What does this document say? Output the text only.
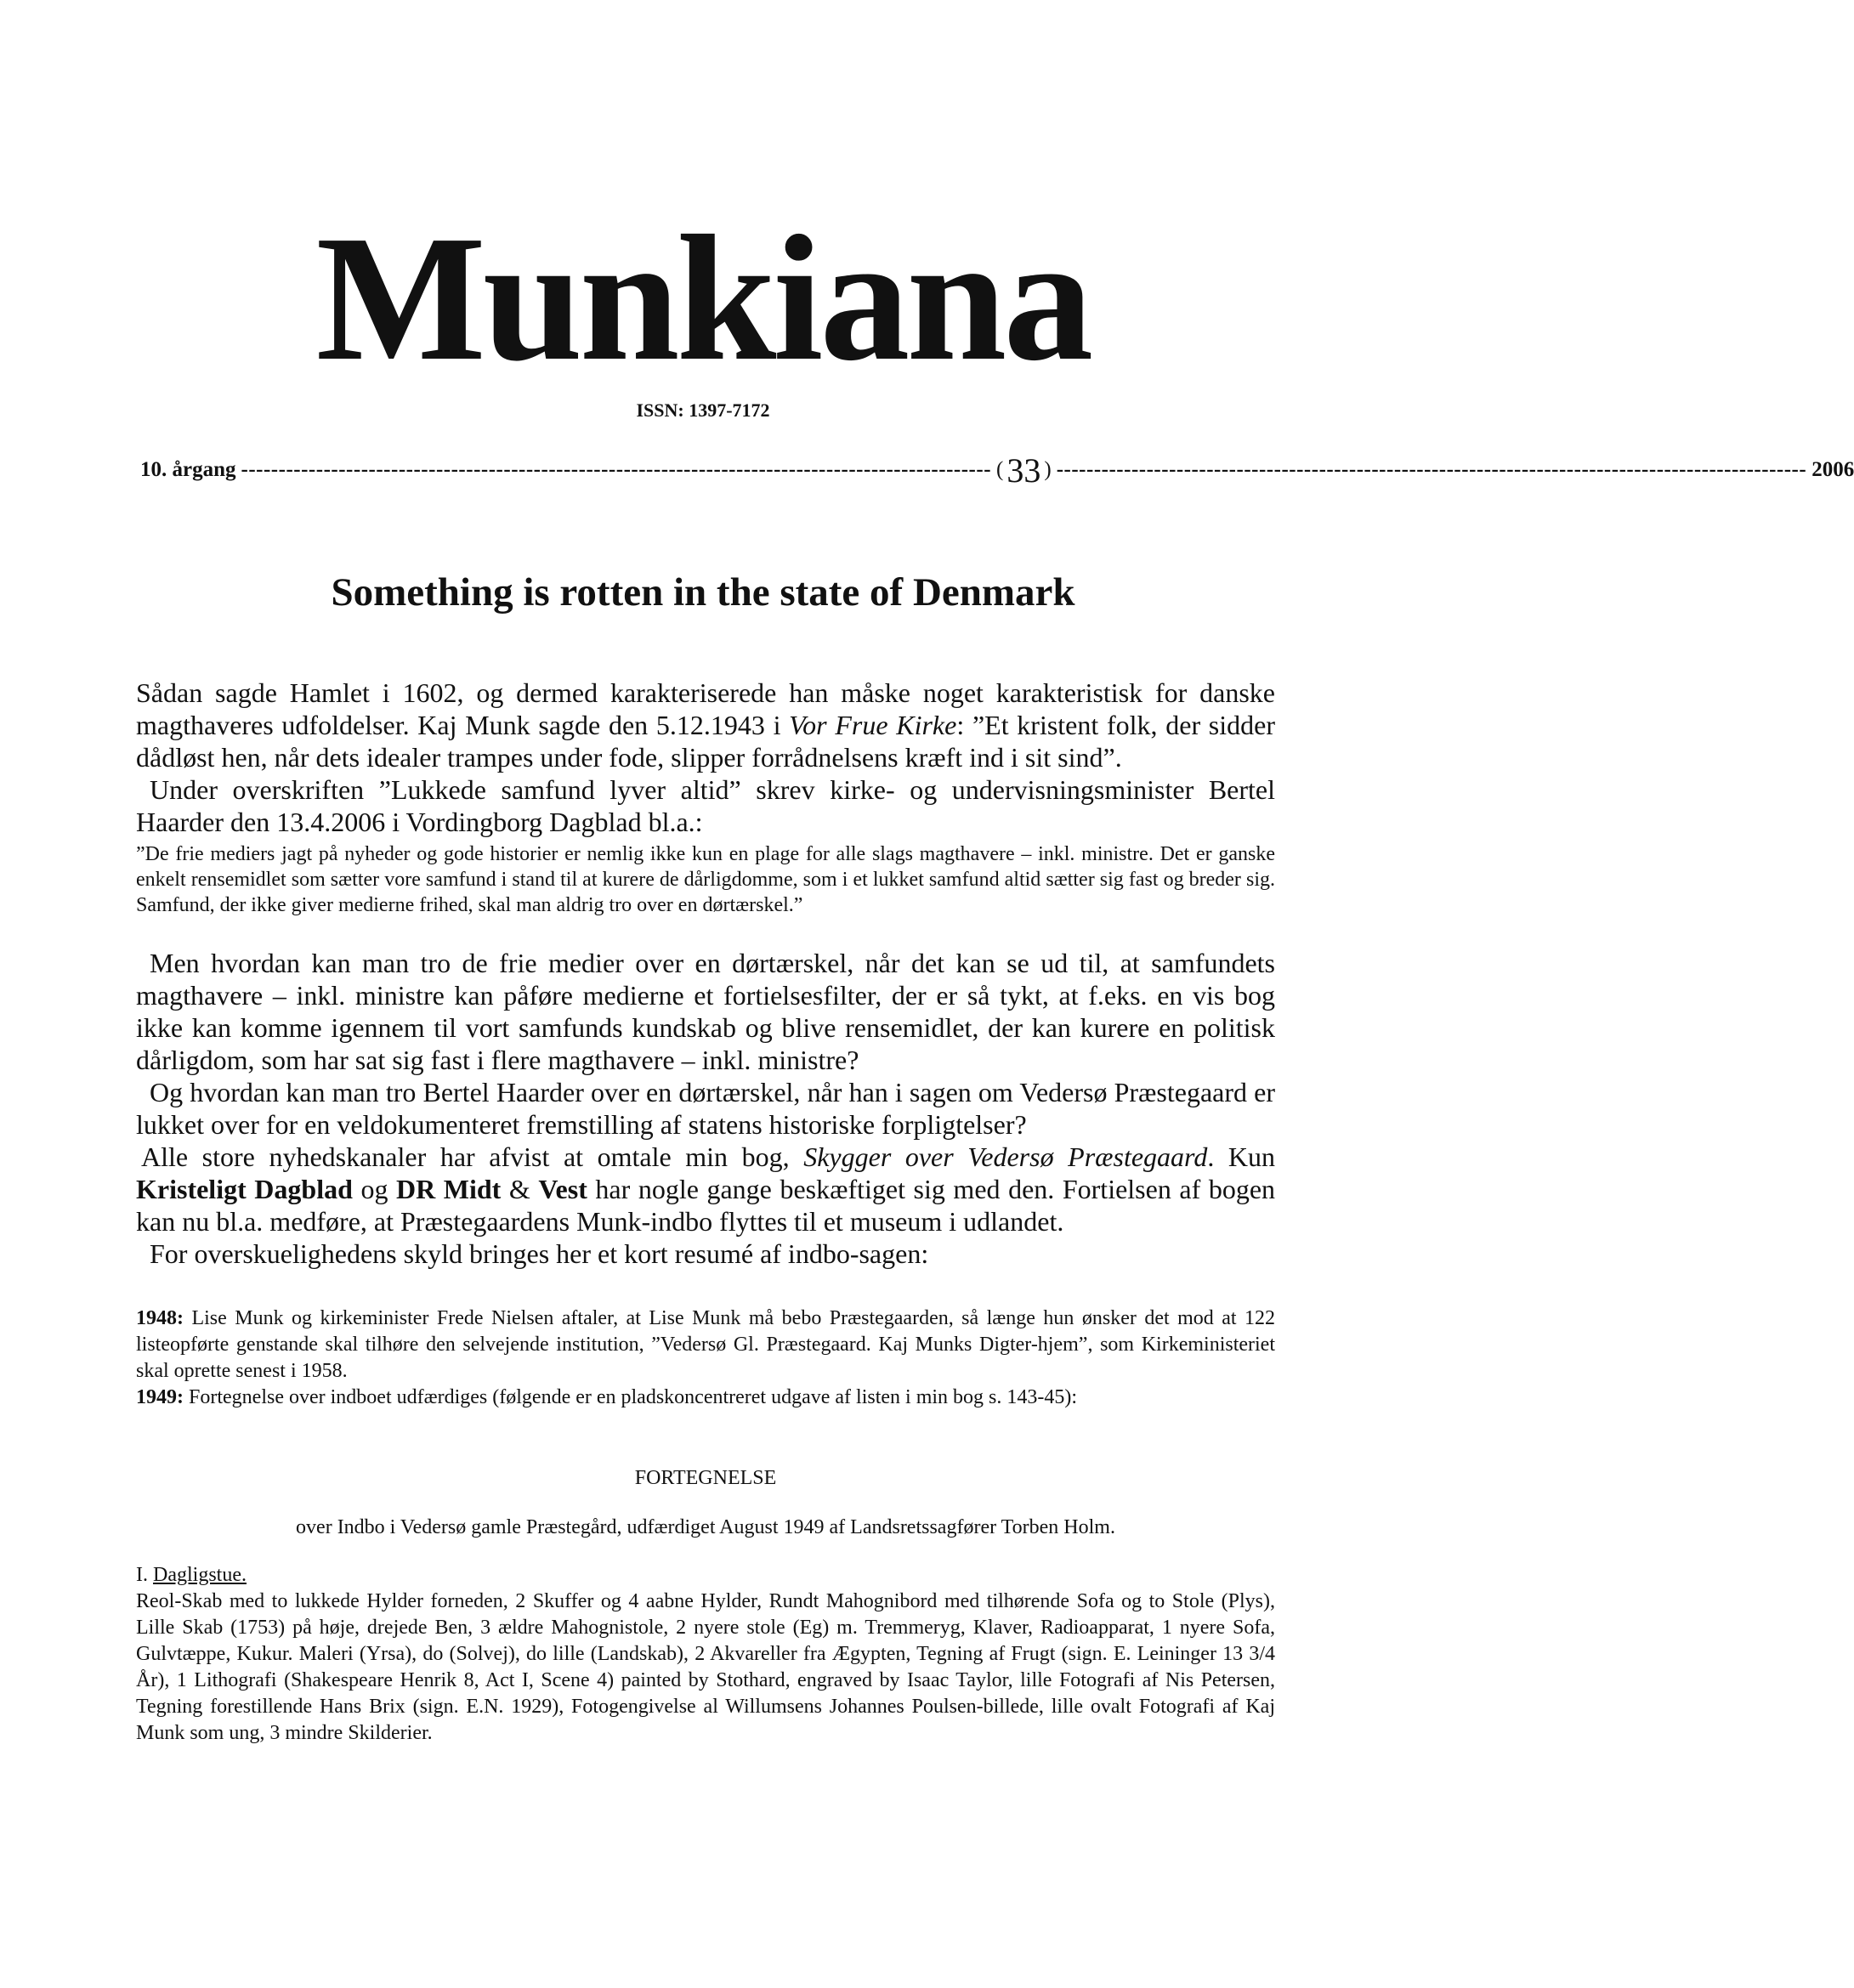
Munkiana
ISSN: 1397-7172
10. årgang ---------------------------------------------------------------------------------------------------- ( 33 ) ---------------------------------------------------------------------------------------------------- 2006
Something is rotten in the state of Denmark

Sådan sagde Hamlet i 1602, og dermed karakteriserede han måske noget karakteristisk for danske magthaveres udfoldelser. Kaj Munk sagde den 5.12.1943 i Vor Frue Kirke: ”Et kristent folk, der sidder dådløst hen, når dets idealer trampes under fode, slipper forrådnelsens kræft ind i sit sind”.

Under overskriften ”Lukkede samfund lyver altid” skrev kirke- og undervisningsminister Bertel Haarder den 13.4.2006 i Vordingborg Dagblad bl.a.:

”De frie mediers jagt på nyheder og gode historier er nemlig ikke kun en plage for alle slags magthavere – inkl. ministre. Det er ganske enkelt rensemidlet som sætter vore samfund i stand til at kurere de dårligdomme, som i et lukket samfund altid sætter sig fast og breder sig. Samfund, der ikke giver medierne frihed, skal man aldrig tro over en dørtærskel.”

Men hvordan kan man tro de frie medier over en dørtærskel, når det kan se ud til, at samfundets magthavere – inkl. ministre kan påføre medierne et fortielsesfilter, der er så tykt, at f.eks. en vis bog ikke kan komme igennem til vort samfunds kundskab og blive rensemidlet, der kan kurere en politisk dårligdom, som har sat sig fast i flere magthavere – inkl. ministre?

Og hvordan kan man tro Bertel Haarder over en dørtærskel, når han i sagen om Vedersø Præstegaard er lukket over for en veldokumenteret fremstilling af statens historiske forpligtelser?

Alle store nyhedskanaler har afvist at omtale min bog, Skygger over Vedersø Præstegaard. Kun Kristeligt Dagblad og DR Midt & Vest har nogle gange beskæftiget sig med den. Fortielsen af bogen kan nu bl.a. medføre, at Præstegaardens Munk-indbo flyttes til et museum i udlandet.

For overskuelighedens skyld bringes her et kort resumé af indbo-sagen:

1948: Lise Munk og kirkeminister Frede Nielsen aftaler, at Lise Munk må bebo Præstegaarden, så længe hun ønsker det mod at 122 listeopførte genstande skal tilhøre den selvejende institution, ”Vedersø Gl. Præstegaard. Kaj Munks Digter-hjem”, som Kirkeministeriet skal oprette senest i 1958.

1949: Fortegnelse over indboet udfærdiges (følgende er en pladskoncentreret udgave af listen i min bog s. 143-45):

FORTEGNELSE
over Indbo i Vedersø gamle Præstegård, udfærdiget August 1949 af Landsretssagfører Torben Holm.

I. Dagligstue.

Reol-Skab med to lukkede Hylder forneden, 2 Skuffer og 4 aabne Hylder, Rundt Mahognibord med tilhørende Sofa og to Stole (Plys), Lille Skab (1753) på høje, drejede Ben, 3 ældre Mahognistole, 2 nyere stole (Eg) m. Tremmeryg, Klaver, Radioapparat, 1 nyere Sofa, Gulvtæppe, Kukur. Maleri (Yrsa), do (Solvej), do lille (Landskab), 2 Akvareller fra Ægypten, Tegning af Frugt (sign. E. Leininger 13 3/4 År), 1 Lithografi (Shakespeare Henrik 8, Act I, Scene 4) painted by Stothard, engraved by Isaac Taylor, lille Fotografi af Nis Petersen, Tegning forestillende Hans Brix (sign. E.N. 1929), Fotogengivelse al Willumsens Johannes Poulsen-billede, lille ovalt Fotografi af Kaj Munk som ung, 3 mindre Skilderier.
